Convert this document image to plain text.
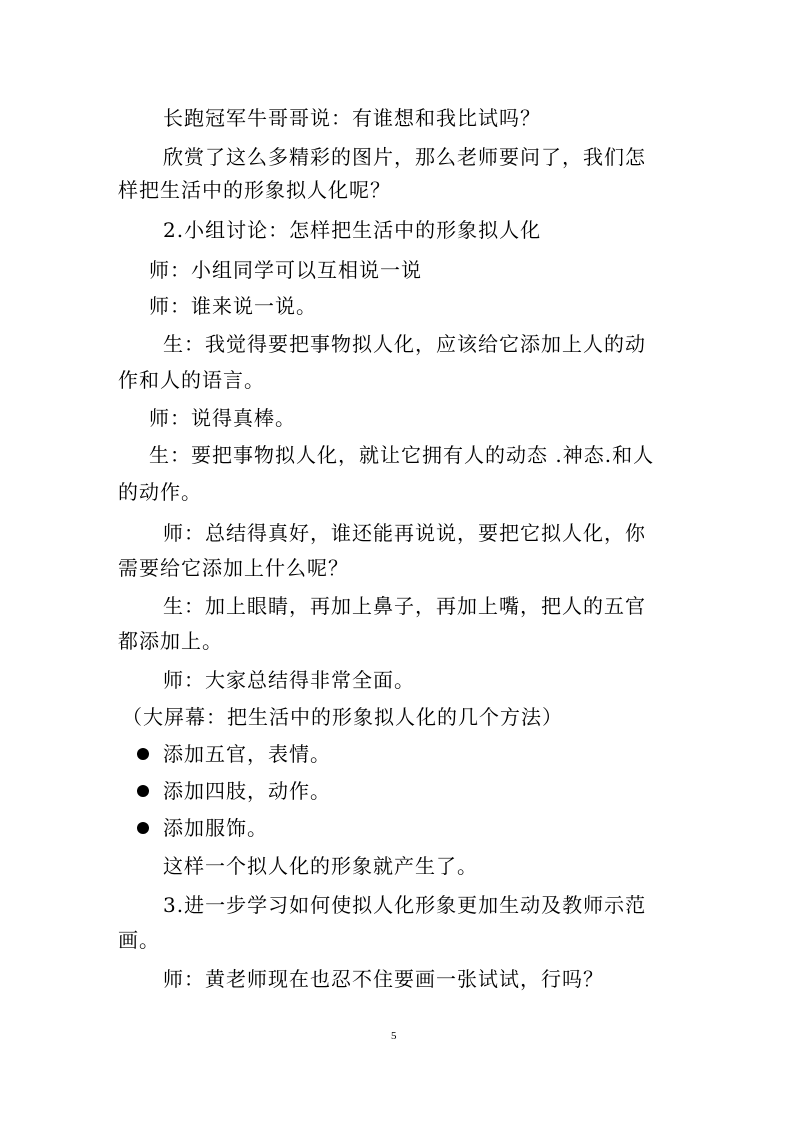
长跑冠军牛哥哥说：有谁想和我比试吗？
欣赏了这么多精彩的图片，那么老师要问了，我们怎
样把生活中的形象拟人化呢？
2.小组讨论：怎样把生活中的形象拟人化
师：小组同学可以互相说一说
师：谁来说一说。
生：我觉得要把事物拟人化，应该给它添加上人的动
作和人的语言。
师：说得真棒。
生：要把事物拟人化，就让它拥有人的动态 .神态.和人
的动作。
师：总结得真好，谁还能再说说，要把它拟人化，你
需要给它添加上什么呢？
生：加上眼睛，再加上鼻子，再加上嘴，把人的五官
都添加上。
师：大家总结得非常全面。
（大屏幕：把生活中的形象拟人化的几个方法）
添加五官，表情。
添加四肢，动作。
添加服饰。
这样一个拟人化的形象就产生了。
3.进一步学习如何使拟人化形象更加生动及教师示范
画。
师：黄老师现在也忍不住要画一张试试，行吗？
5
